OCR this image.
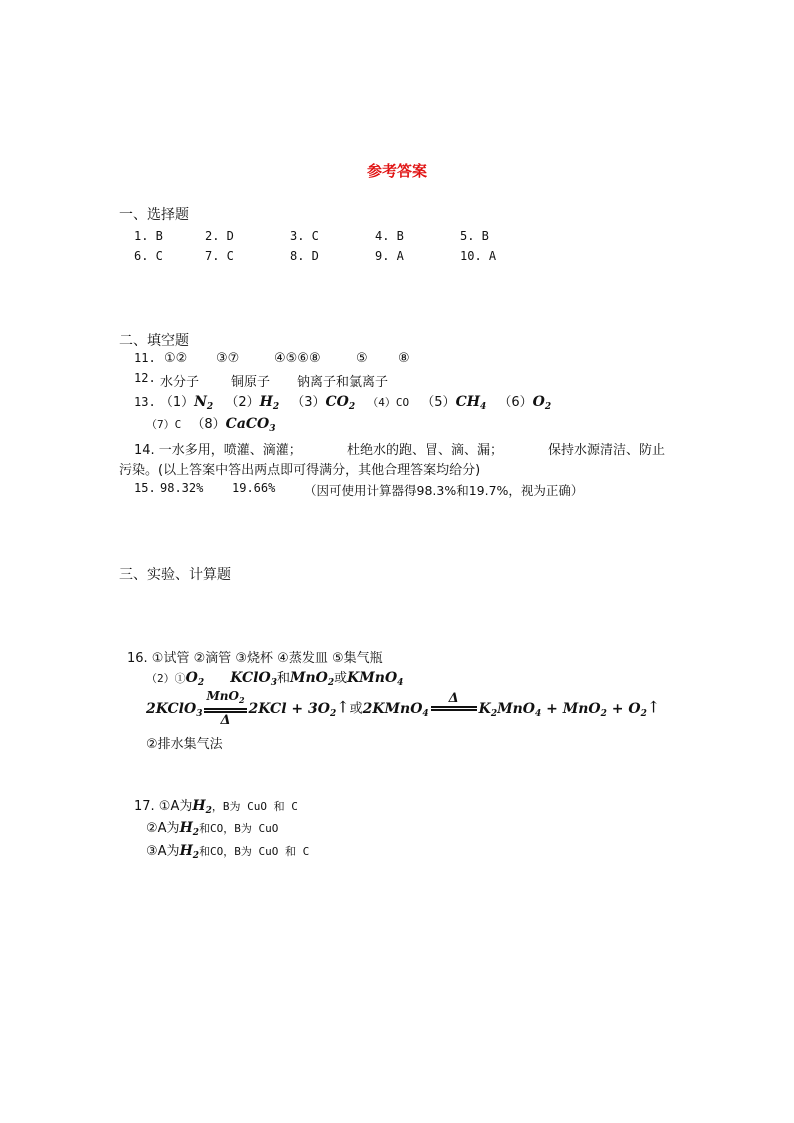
参考答案
一、选择题
1. B	2. D	3. C	4. B	5. B
6. C	7. C	8. D	9. A	10. A
二、填空题
11. ①② ③⑦	④⑤⑥⑧	⑤ ⑧
12. 水分子 铜原子 钠离子和氯离子
13. $(1)N_2$ $(2)H_2$ $(3)CO_2$ （4）CO $(5)CH_4$ $(6)O_2$
（7）C （8）CaCO$_3$
14. 一水多用，喷灌、滴灌；	杜绝水的跑、冒、滴、漏；	保持水源清洁、防止
污染。(以上答案中答出两点即可得满分，其他合理答案均给分)
15. 98.32% 19.66% （因可使用计算器得98.3%和19.7%，视为正确）
三、实验、计算题
16. ①试管 ②滴管 ③烧杯 ④蒸发皿 ⑤集气瓶
$(2)①O_2$ KClO$_3$和MnO$_2$或KMnO$_4$
2KClO$_3$ $\frac{MnO_2}{\Delta} 2KCl$ + $3O_2↑$或2KMnO$_4$
Δ

$K_2MnO_4 + MnO_2$ + $O_2↑$
②排水集气法
17. ①A为$H_2$，B为 CuO 和 C
②A为$H_2$和CO，B为 CuO
③A为$H_2$和CO，B为 CuO 和 C
